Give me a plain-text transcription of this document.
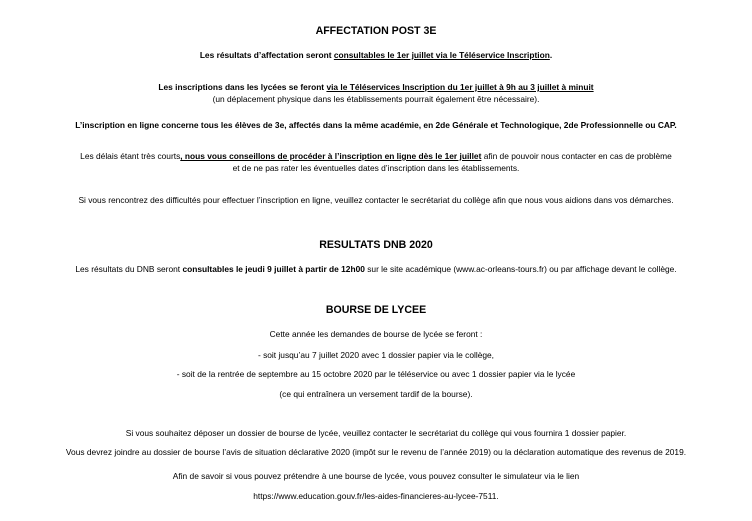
AFFECTATION POST 3E
Les résultats d’affectation seront consultables le 1er juillet via le Téléservice Inscription.
Les inscriptions dans les lycées se feront via le Téléservices Inscription du 1er juillet à 9h au 3 juillet à minuit
(un déplacement physique dans les établissements pourrait également être nécessaire).
L’inscription en ligne concerne tous les élèves de 3e, affectés dans la même académie, en 2de Générale et Technologique, 2de Professionnelle ou CAP.
Les délais étant très courts, nous vous conseillons de procéder à l’inscription en ligne dès le 1er juillet afin de pouvoir nous contacter en cas de problème
et de ne pas rater les éventuelles dates d’inscription dans les établissements.
Si vous rencontrez des difficultés pour effectuer l’inscription en ligne, veuillez contacter le secrétariat du collège afin que nous vous aidions dans vos démarches.
RESULTATS DNB 2020
Les résultats du DNB seront consultables le jeudi 9 juillet à partir de 12h00 sur le site académique (www.ac-orleans-tours.fr) ou par affichage devant le collège.
BOURSE DE LYCEE
Cette année les demandes de bourse de lycée se feront :
- soit jusqu’au 7 juillet 2020 avec 1 dossier papier via le collège,
- soit de la rentrée de septembre au 15 octobre 2020 par le téléservice ou avec 1 dossier papier via le lycée
(ce qui entraînera un versement tardif de la bourse).
Si vous souhaitez déposer un dossier de bourse de lycée, veuillez contacter le secrétariat du collège qui vous fournira 1 dossier papier.
Vous devrez joindre au dossier de bourse l’avis de situation déclarative 2020 (impôt sur le revenu de l’année 2019) ou la déclaration automatique des revenus de 2019.
Afin de savoir si vous pouvez prétendre à une bourse de lycée, vous pouvez consulter le simulateur via le lien
https://www.education.gouv.fr/les-aides-financieres-au-lycee-7511.
